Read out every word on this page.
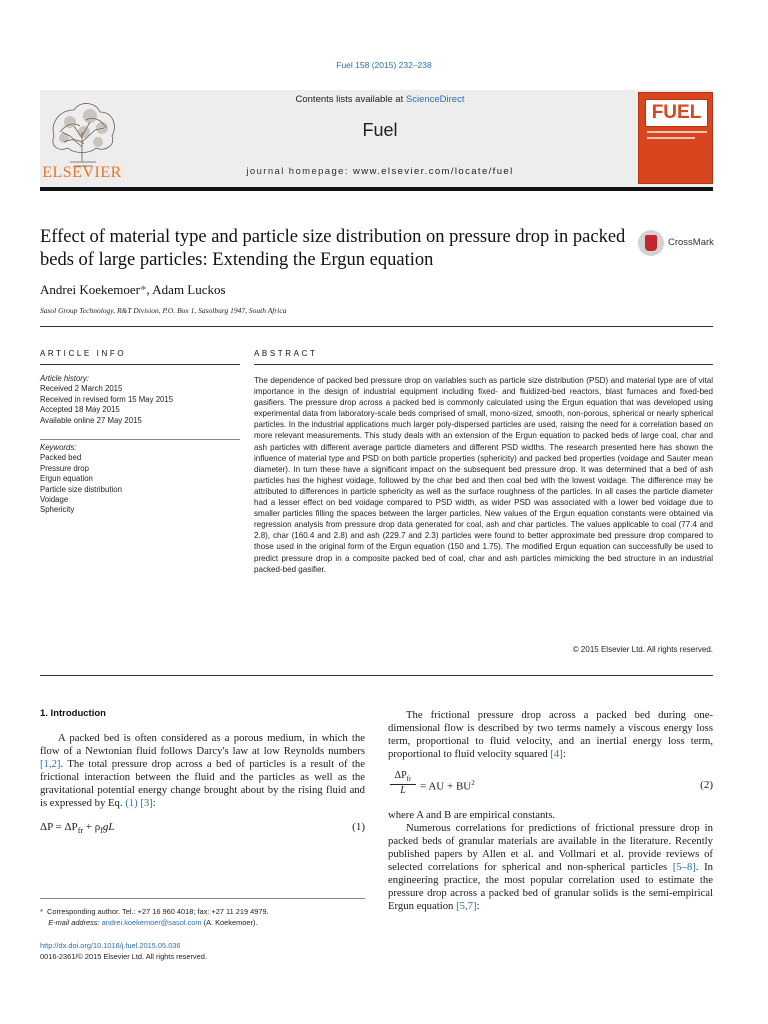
Fuel 158 (2015) 232–238
ELSEVIER
Contents lists available at ScienceDirect
Fuel
journal homepage: www.elsevier.com/locate/fuel
FUEL
Effect of material type and particle size distribution on pressure drop in packed beds of large particles: Extending the Ergun equation
CrossMark
Andrei Koekemoer*, Adam Luckos
Sasol Group Technology, R&T Division, P.O. Box 1, Sasolburg 1947, South Africa
ARTICLE INFO	ABSTRACT
Article history:
Received 2 March 2015
Received in revised form 15 May 2015
Accepted 18 May 2015
Available online 27 May 2015
Keywords:
Packed bed
Pressure drop
Ergun equation
Particle size distribution
Voidage
Sphericity
The dependence of packed bed pressure drop on variables such as particle size distribution (PSD) and material type are of vital importance in the design of industrial equipment including fixed- and fluidized-bed reactors, blast furnaces and fixed-bed gasifiers. The pressure drop across a packed bed is commonly calculated using the Ergun equation that was developed using experimental data from laboratory-scale beds comprised of small, mono-sized, smooth, non-porous, spherical or nearly spherical particles. In the industrial applications much larger poly-dispersed particles are used, raising the need for a correlation based on more relevant measurements. This study deals with an extension of the Ergun equation to packed beds of large coal, char and ash particles with different average particle diameters and different PSD widths. The research presented here has shown the influence of material type and PSD on both particle properties (sphericity) and packed bed properties (voidage and Sauter mean diameter). In turn these have a significant impact on the subsequent bed pressure drop. It was determined that a bed of ash particles has the highest voidage, followed by the char bed and then coal bed with the lowest voidage. The difference may be attributed to differences in particle sphericity as well as the surface roughness of the particles. In all cases the particle diameter had a lesser effect on bed voidage compared to PSD width, as wider PSD was associated with a lower bed voidage due to smaller particles filling the spaces between the larger particles. New values of the Ergun equation constants were obtained via regression analysis from pressure drop data generated for coal, ash and char particles. The values applicable to coal (77.4 and 2.8), char (160.4 and 2.8) and ash (229.7 and 2.3) particles were found to better approximate bed pressure drop compared to those used in the original form of the Ergun equation (150 and 1.75). The modified Ergun equation can successfully be used to predict pressure drop in a composite packed bed of coal, char and ash particles mimicking the bed structure in an industrial packed-bed gasifier.
© 2015 Elsevier Ltd. All rights reserved.
1. Introduction
A packed bed is often considered as a porous medium, in which the flow of a Newtonian fluid follows Darcy's law at low Reynolds numbers [1,2]. The total pressure drop across a bed of particles is a result of the frictional interaction between the fluid and the particles as well as the gravitational potential energy change brought about by the rising fluid and is expressed by Eq. (1) [3]:
$\Delta P = \Delta P_{fr} + \rho_fgL$	(1)
The frictional pressure drop across a packed bed during one-dimensional flow is described by two terms namely a viscous energy loss term, proportional to fluid velocity, and an inertial energy loss term, proportional to fluid velocity squared [4]:
$\Delta P_{fr}$
L	= AU + $BU^2$	(2)
where A and B are empirical constants.
Numerous correlations for predictions of frictional pressure drop in packed beds of granular materials are available in the literature. Recently published papers by Allen et al. and Vollmari et al. provide reviews of selected correlations for spherical and non-spherical particles [5–8]. In engineering practice, the most popular correlation used to estimate the pressure drop across a packed bed of granular solids is the semi-empirical Ergun equation [5,7]:
* Corresponding author. Tel.: +27 16 960 4018; fax: +27 11 219 4979.
E-mail address: andrei.koekemoer@sasol.com (A. Koekemoer).
http://dx.doi.org/10.1016/j.fuel.2015.05.036
0016-2361/© 2015 Elsevier Ltd. All rights reserved.
